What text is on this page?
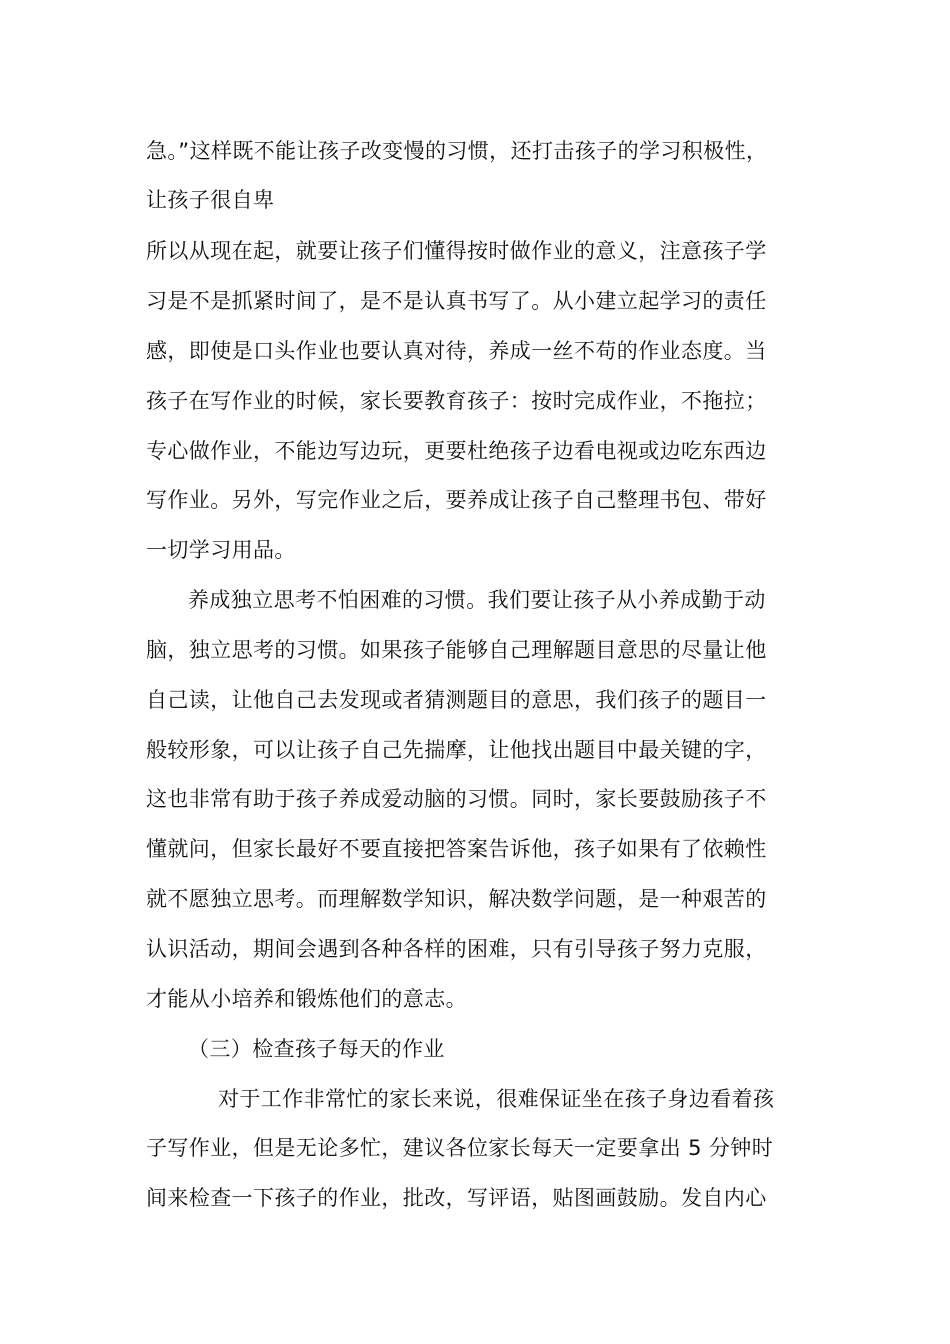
急。”这样既不能让孩子改变慢的习惯，还打击孩子的学习积极性，
让孩子很自卑
所以从现在起，就要让孩子们懂得按时做作业的意义，注意孩子学
习是不是抓紧时间了，是不是认真书写了。从小建立起学习的责任
感，即使是口头作业也要认真对待，养成一丝不苟的作业态度。当
孩子在写作业的时候，家长要教育孩子：按时完成作业，不拖拉；
专心做作业，不能边写边玩，更要杜绝孩子边看电视或边吃东西边
写作业。另外，写完作业之后，要养成让孩子自己整理书包、带好
一切学习用品。
养成独立思考不怕困难的习惯。我们要让孩子从小养成勤于动
脑，独立思考的习惯。如果孩子能够自己理解题目意思的尽量让他
自己读，让他自己去发现或者猜测题目的意思，我们孩子的题目一
般较形象，可以让孩子自己先揣摩，让他找出题目中最关键的字，
这也非常有助于孩子养成爱动脑的习惯。同时，家长要鼓励孩子不
懂就问，但家长最好不要直接把答案告诉他，孩子如果有了依赖性
就不愿独立思考。而理解数学知识，解决数学问题，是一种艰苦的
认识活动，期间会遇到各种各样的困难，只有引导孩子努力克服，
才能从小培养和锻炼他们的意志。
（三）检查孩子每天的作业
对于工作非常忙的家长来说，很难保证坐在孩子身边看着孩
子写作业，但是无论多忙，建议各位家长每天一定要拿出 5 分钟时
间来检查一下孩子的作业，批改，写评语，贴图画鼓励。发自内心
